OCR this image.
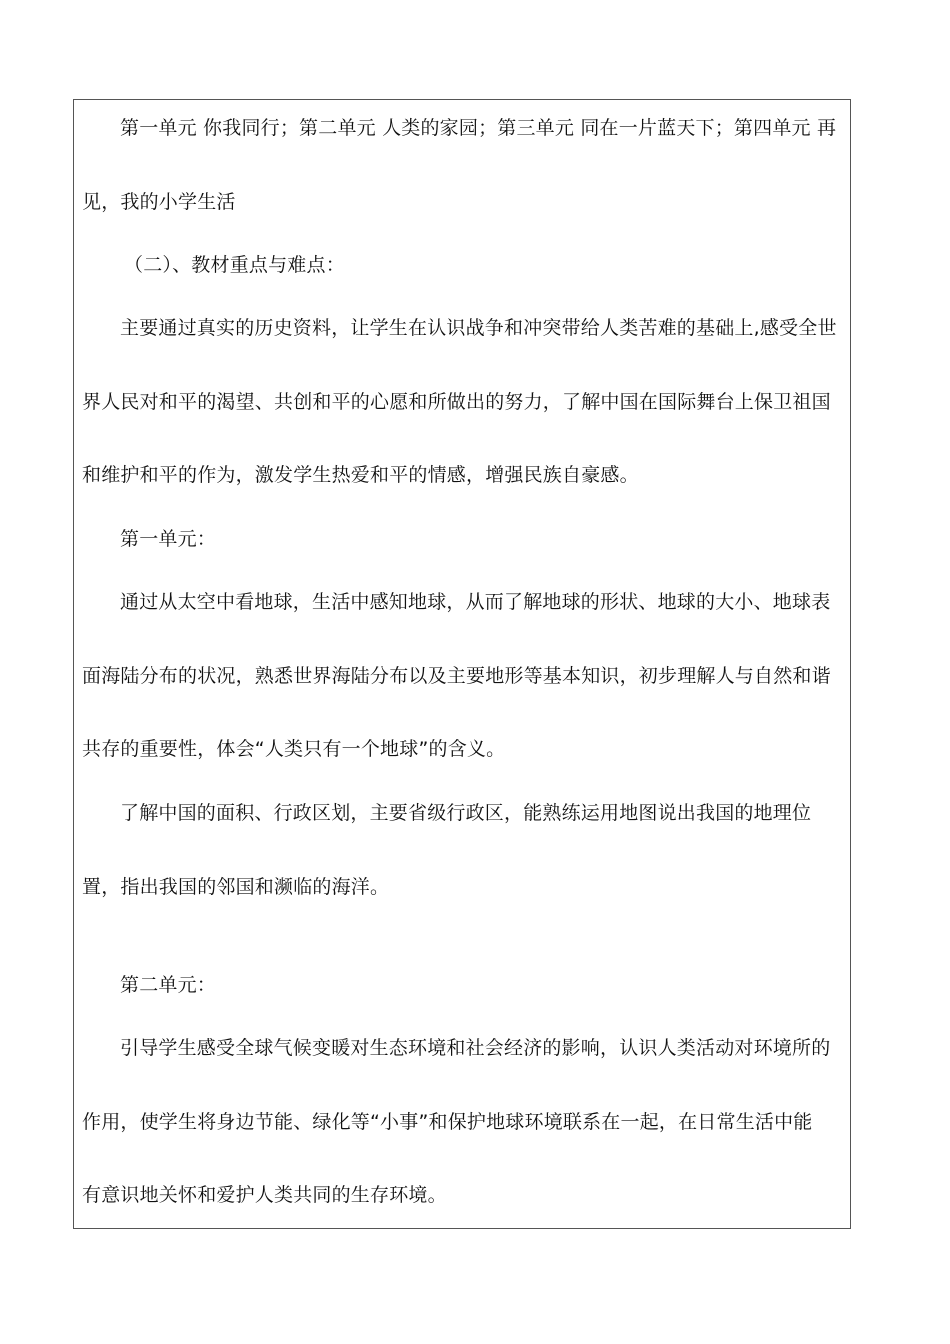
第一单元 你我同行；第二单元 人类的家园；第三单元 同在一片蓝天下；第四单元 再
见，我的小学生活
（二）、教材重点与难点：
主要通过真实的历史资料，让学生在认识战争和冲突带给人类苦难的基础上,感受全世
界人民对和平的渴望、共创和平的心愿和所做出的努力，了解中国在国际舞台上保卫祖国
和维护和平的作为，激发学生热爱和平的情感，增强民族自豪感。
第一单元：
通过从太空中看地球，生活中感知地球，从而了解地球的形状、地球的大小、地球表
面海陆分布的状况，熟悉世界海陆分布以及主要地形等基本知识，初步理解人与自然和谐
共存的重要性，体会“人类只有一个地球”的含义。
了解中国的面积、行政区划，主要省级行政区，能熟练运用地图说出我国的地理位
置，指出我国的邻国和濒临的海洋。
第二单元：
引导学生感受全球气候变暖对生态环境和社会经济的影响，认识人类活动对环境所的
作用，使学生将身边节能、绿化等“小事”和保护地球环境联系在一起，在日常生活中能
有意识地关怀和爱护人类共同的生存环境。
